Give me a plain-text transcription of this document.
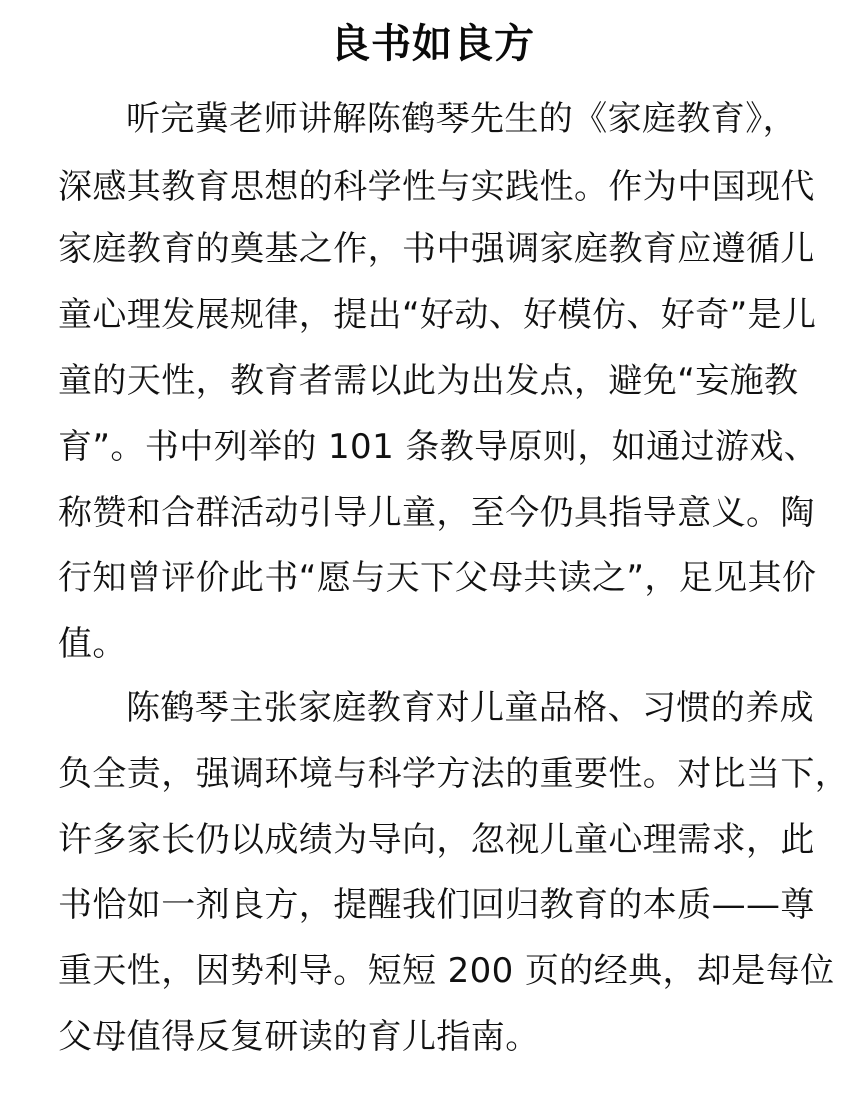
良书如良方
听完冀老师讲解陈鹤琴先生的《家庭教育》，
深感其教育思想的科学性与实践性。作为中国现代
家庭教育的奠基之作，书中强调家庭教育应遵循儿
童心理发展规律，提出“好动、好模仿、好奇”是儿
童的天性，教育者需以此为出发点，避免“妄施教
育”。书中列举的 101 条教导原则，如通过游戏、
称赞和合群活动引导儿童，至今仍具指导意义。陶
行知曾评价此书“愿与天下父母共读之”，足见其价
值。
陈鹤琴主张家庭教育对儿童品格、习惯的养成
负全责，强调环境与科学方法的重要性。对比当下，
许多家长仍以成绩为导向，忽视儿童心理需求，此
书恰如一剂良方，提醒我们回归教育的本质——尊
重天性，因势利导。短短 200 页的经典，却是每位
父母值得反复研读的育儿指南。
